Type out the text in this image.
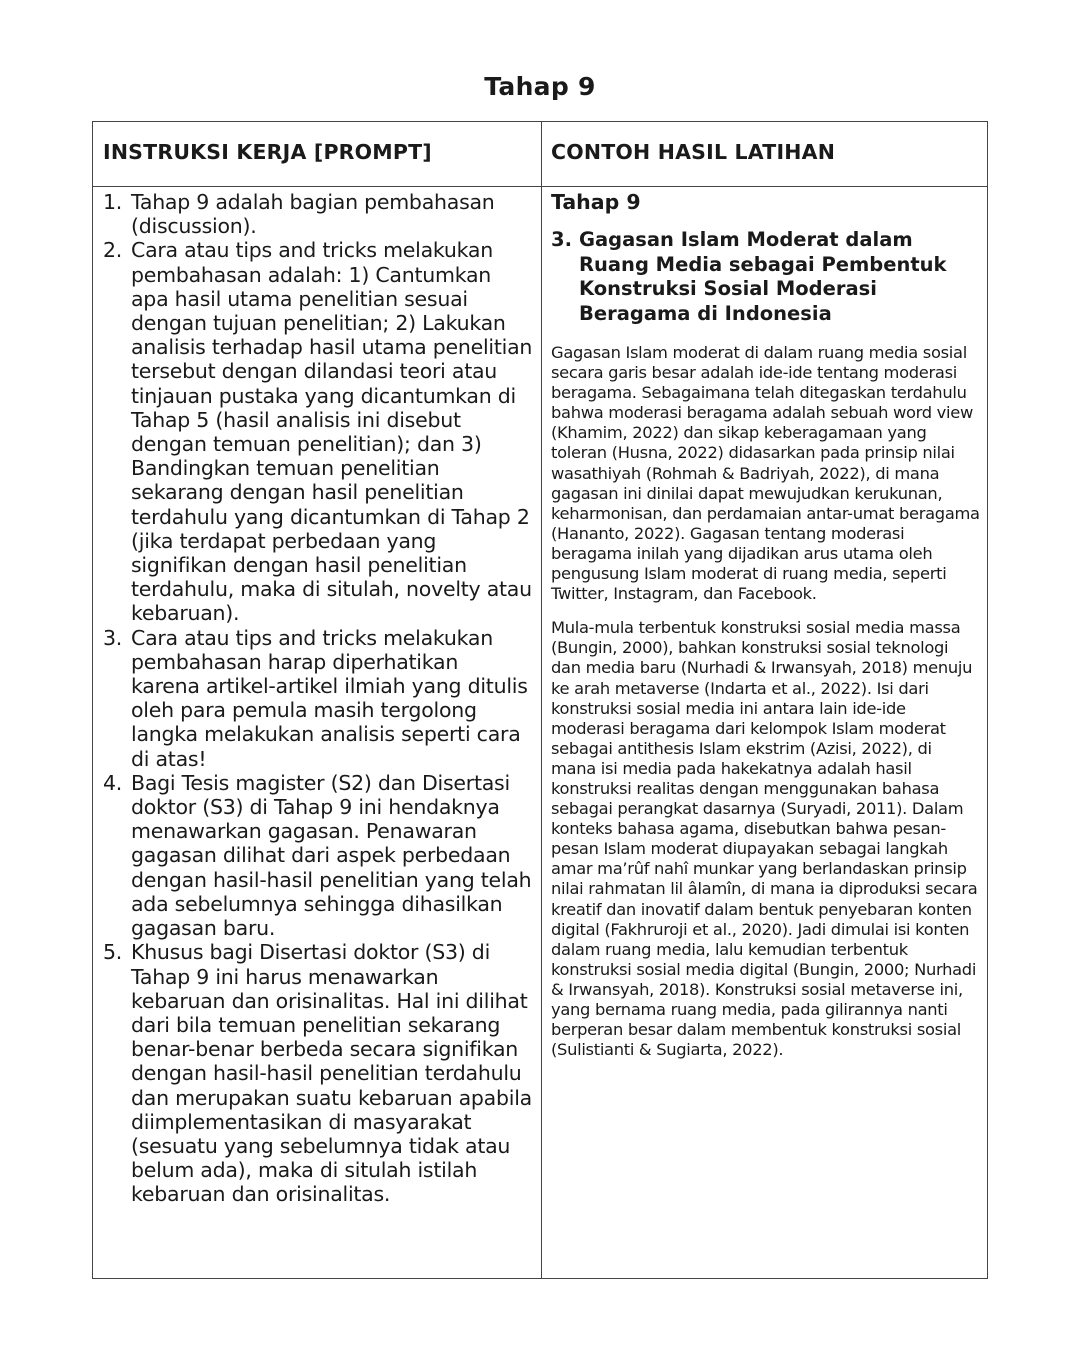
Tahap 9
INSTRUKSI KERJA [PROMPT]	CONTOH HASIL LATIHAN
1. Tahap 9 adalah bagian pembahasan (discussion).
2. Cara atau tips and tricks melakukan pembahasan adalah: 1) Cantumkan apa hasil utama penelitian sesuai dengan tujuan penelitian; 2) Lakukan analisis terhadap hasil utama penelitian tersebut dengan dilandasi teori atau tinjauan pustaka yang dicantumkan di Tahap 5 (hasil analisis ini disebut dengan temuan penelitian); dan 3) Bandingkan temuan penelitian sekarang dengan hasil penelitian terdahulu yang dicantumkan di Tahap 2 (jika terdapat perbedaan yang signifikan dengan hasil penelitian terdahulu, maka di situlah, novelty atau kebaruan).
3. Cara atau tips and tricks melakukan pembahasan harap diperhatikan karena artikel-artikel ilmiah yang ditulis oleh para pemula masih tergolong langka melakukan analisis seperti cara di atas!
4. Bagi Tesis magister (S2) dan Disertasi doktor (S3) di Tahap 9 ini hendaknya menawarkan gagasan. Penawaran gagasan dilihat dari aspek perbedaan dengan hasil-hasil penelitian yang telah ada sebelumnya sehingga dihasilkan gagasan baru.
5. Khusus bagi Disertasi doktor (S3) di Tahap 9 ini harus menawarkan kebaruan dan orisinalitas. Hal ini dilihat dari bila temuan penelitian sekarang benar-benar berbeda secara signifikan dengan hasil-hasil penelitian terdahulu dan merupakan suatu kebaruan apabila diimplementasikan di masyarakat (sesuatu yang sebelumnya tidak atau belum ada), maka di situlah istilah kebaruan dan orisinalitas.
Tahap 9
3. Gagasan Islam Moderat dalam Ruang Media sebagai Pembentuk Konstruksi Sosial Moderasi Beragama di Indonesia

Gagasan Islam moderat di dalam ruang media sosial secara garis besar adalah ide-ide tentang moderasi beragama. Sebagaimana telah ditegaskan terdahulu bahwa moderasi beragama adalah sebuah word view (Khamim, 2022) dan sikap keberagamaan yang toleran (Husna, 2022) didasarkan pada prinsip nilai wasathiyah (Rohmah & Badriyah, 2022), di mana gagasan ini dinilai dapat mewujudkan kerukunan, keharmonisan, dan perdamaian antar-umat beragama (Hananto, 2022). Gagasan tentang moderasi beragama inilah yang dijadikan arus utama oleh pengusung Islam moderat di ruang media, seperti Twitter, Instagram, dan Facebook.

Mula-mula terbentuk konstruksi sosial media massa (Bungin, 2000), bahkan konstruksi sosial teknologi dan media baru (Nurhadi & Irwansyah, 2018) menuju ke arah metaverse (Indarta et al., 2022). Isi dari konstruksi sosial media ini antara lain ide-ide moderasi beragama dari kelompok Islam moderat sebagai antithesis Islam ekstrim (Azisi, 2022), di mana isi media pada hakekatnya adalah hasil konstruksi realitas dengan menggunakan bahasa sebagai perangkat dasarnya (Suryadi, 2011). Dalam konteks bahasa agama, disebutkan bahwa pesan-pesan Islam moderat diupayakan sebagai langkah amar ma’rûf nahî munkar yang berlandaskan prinsip nilai rahmatan lil âlamîn, di mana ia diproduksi secara kreatif dan inovatif dalam bentuk penyebaran konten digital (Fakhruroji et al., 2020). Jadi dimulai isi konten dalam ruang media, lalu kemudian terbentuk konstruksi sosial media digital (Bungin, 2000; Nurhadi & Irwansyah, 2018). Konstruksi sosial metaverse ini, yang bernama ruang media, pada gilirannya nanti berperan besar dalam membentuk konstruksi sosial (Sulistianti & Sugiarta, 2022).
